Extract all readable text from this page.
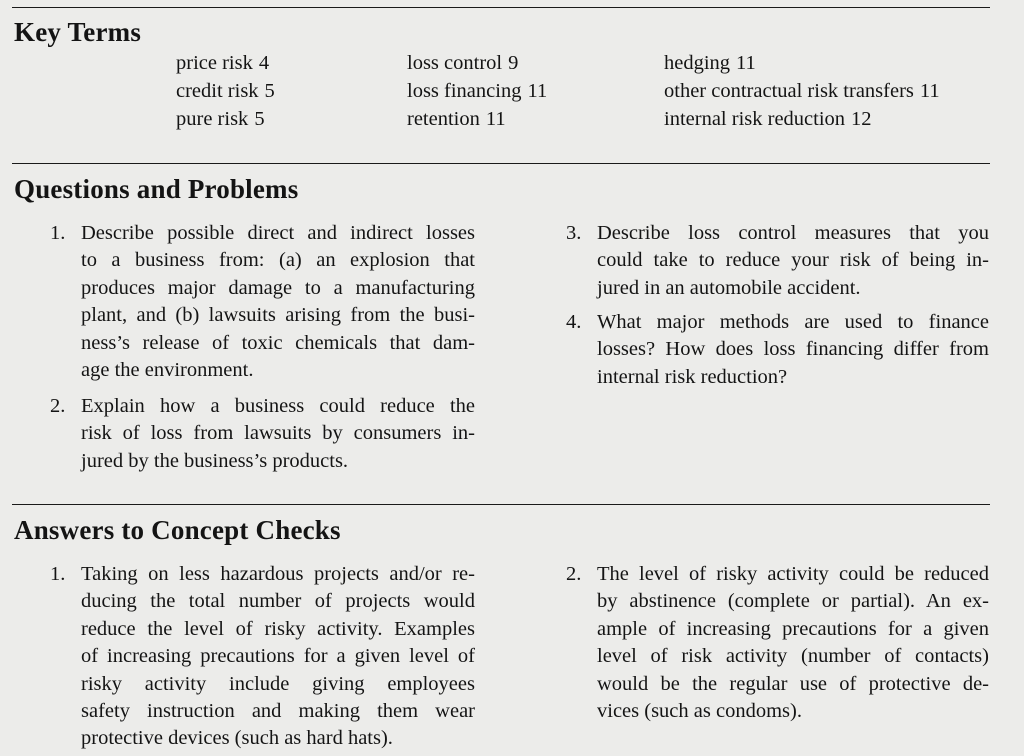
Key Terms
price risk 4
credit risk 5
pure risk 5
loss control 9
loss financing 11
retention 11
hedging 11
other contractual risk transfers 11
internal risk reduction 12
Questions and Problems
1. Describe possible direct and indirect losses
to a business from: (a) an explosion that
produces major damage to a manufacturing
plant, and (b) lawsuits arising from the busi-
ness’s release of toxic chemicals that dam-
age the environment.
2. Explain how a business could reduce the
risk of loss from lawsuits by consumers in-
jured by the business’s products.
3. Describe loss control measures that you
could take to reduce your risk of being in-
jured in an automobile accident.
4. What major methods are used to finance
losses? How does loss financing differ from
internal risk reduction?
Answers to Concept Checks
1. Taking on less hazardous projects and/or re-
ducing the total number of projects would
reduce the level of risky activity. Examples
of increasing precautions for a given level of
risky activity include giving employees
safety instruction and making them wear
protective devices (such as hard hats).
2. The level of risky activity could be reduced
by abstinence (complete or partial). An ex-
ample of increasing precautions for a given
level of risk activity (number of contacts)
would be the regular use of protective de-
vices (such as condoms).
